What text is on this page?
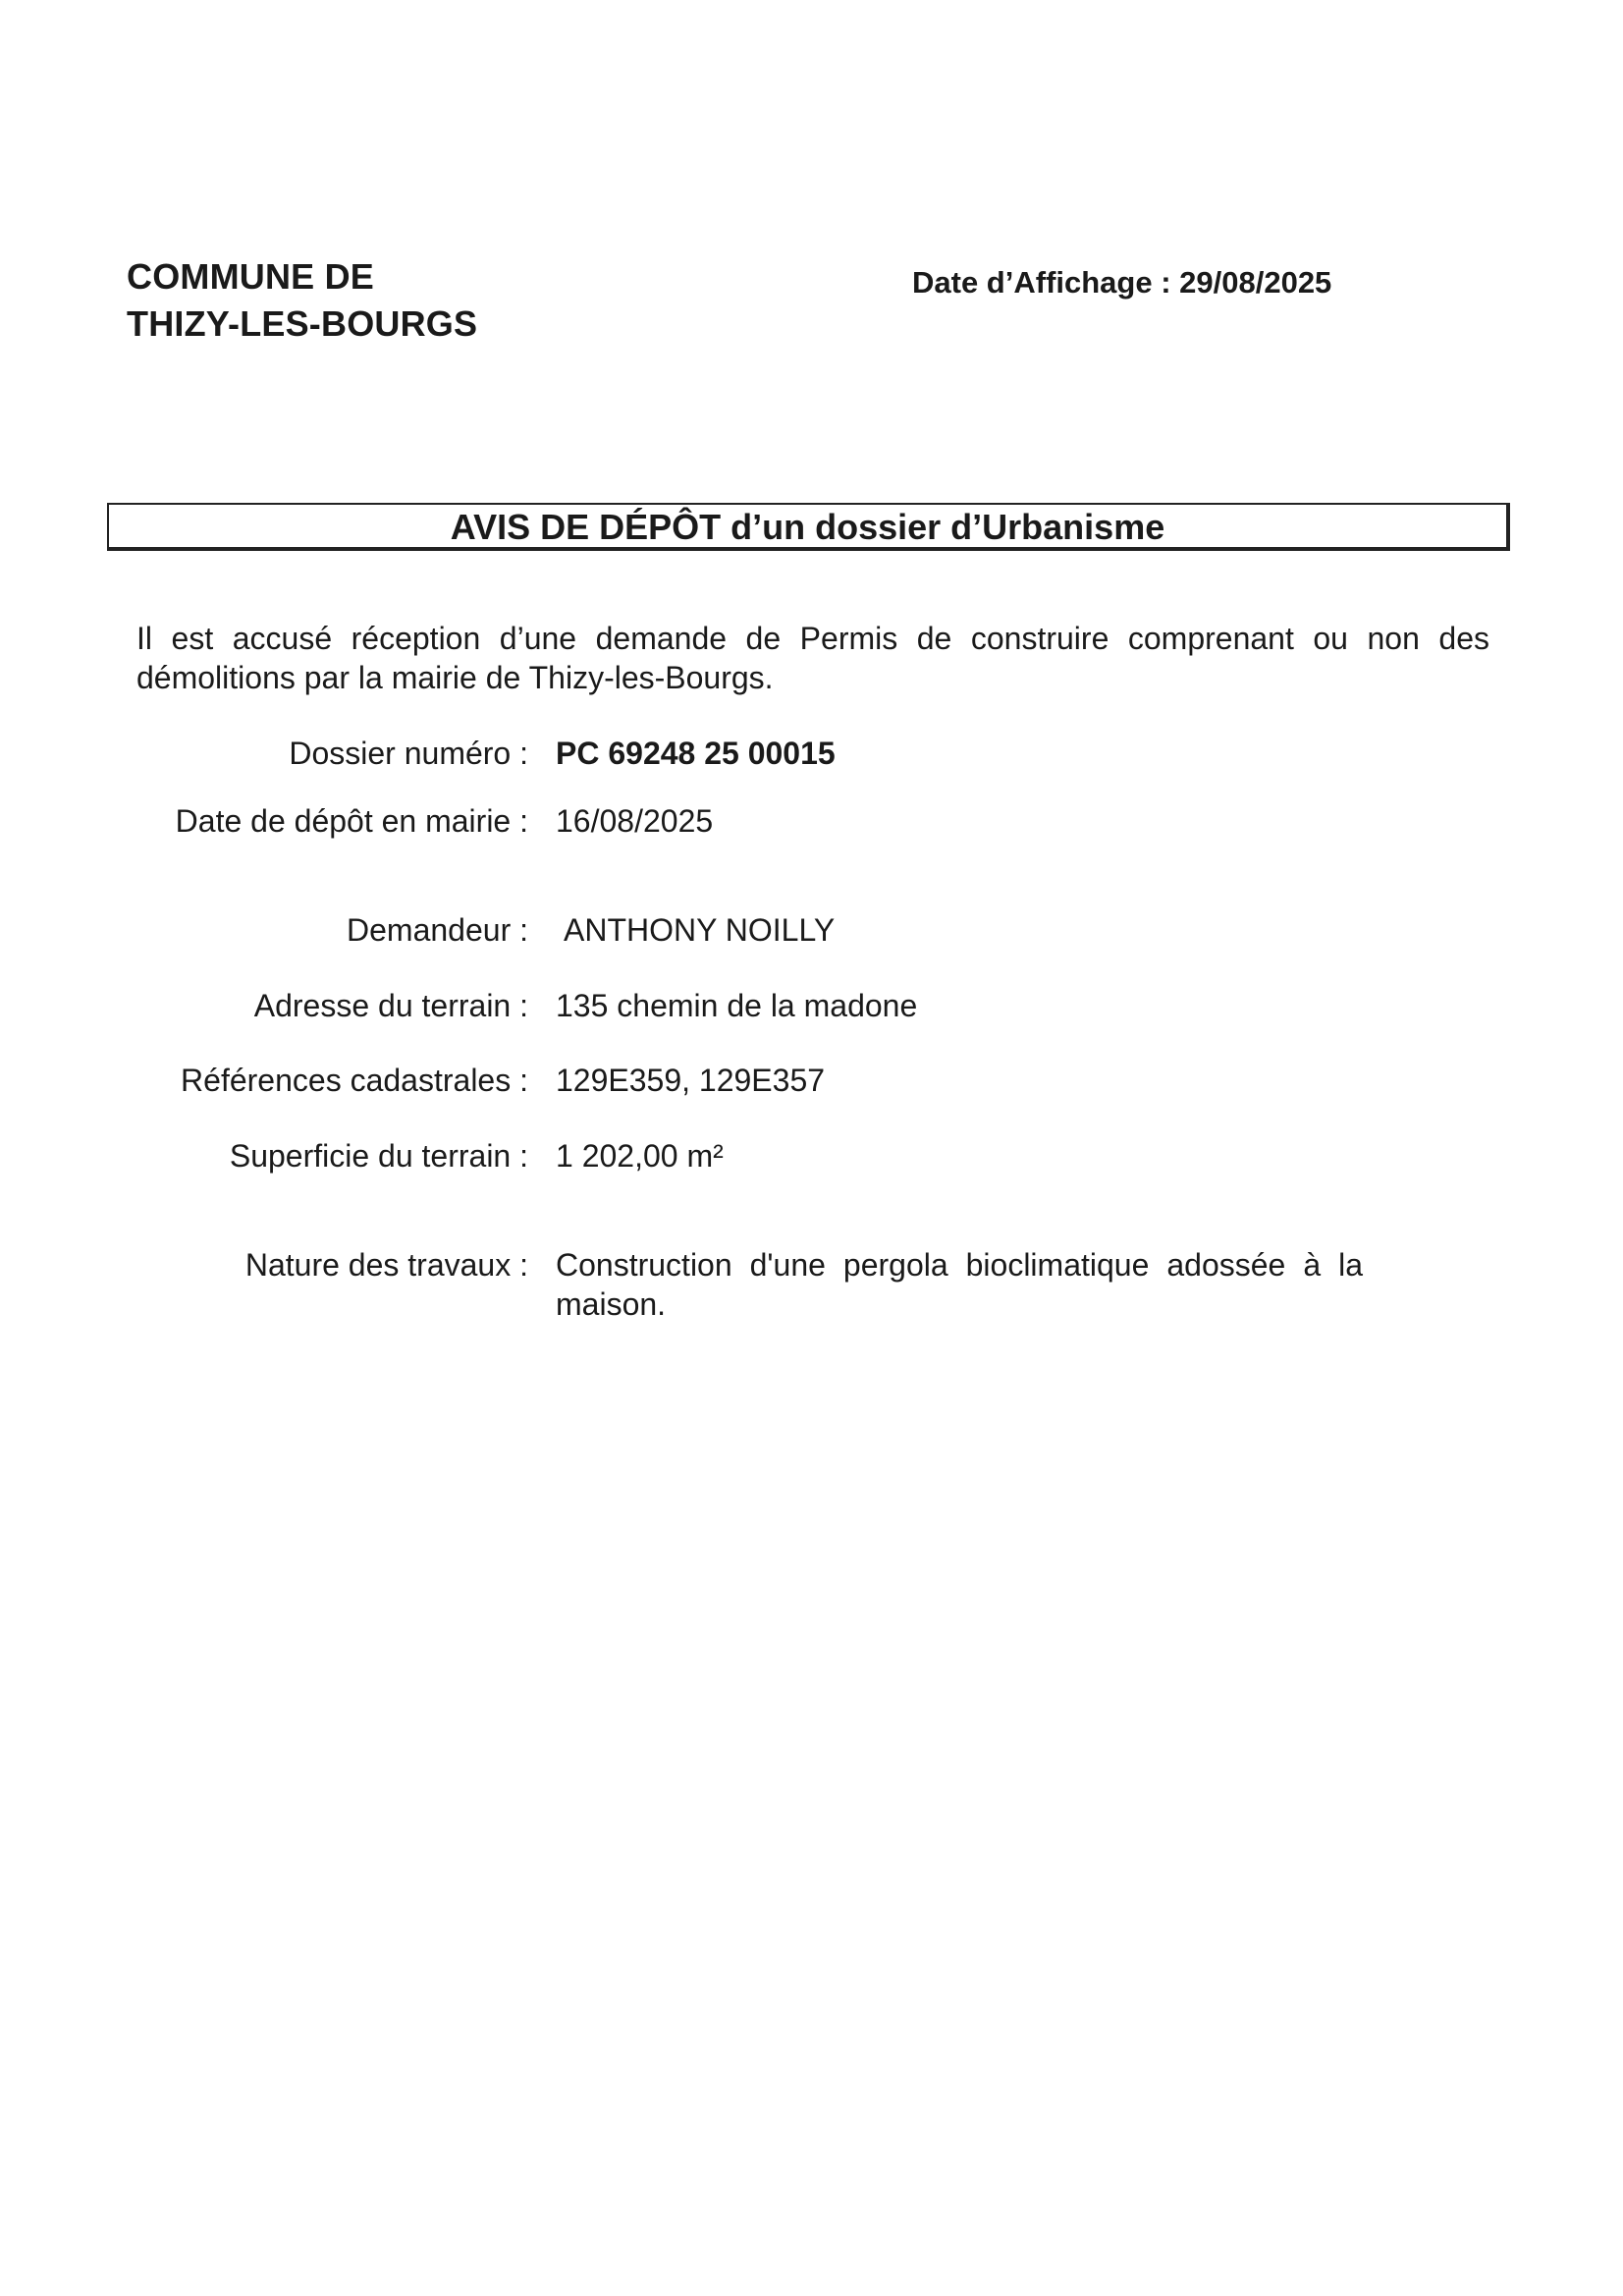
COMMUNE DE
THIZY-LES-BOURGS
Date d’Affichage : 29/08/2025
AVIS DE DÉPÔT d’un dossier d’Urbanisme
Il est accusé réception d’une demande de Permis de construire comprenant ou non des démolitions par la mairie de Thizy-les-Bourgs.
Dossier numéro : PC 69248 25 00015
Date de dépôt en mairie : 16/08/2025
Demandeur : ANTHONY NOILLY
Adresse du terrain : 135 chemin de la madone
Références cadastrales : 129E359, 129E357
Superficie du terrain : 1 202,00 m²
Nature des travaux : Construction d'une pergola bioclimatique adossée à la maison.
